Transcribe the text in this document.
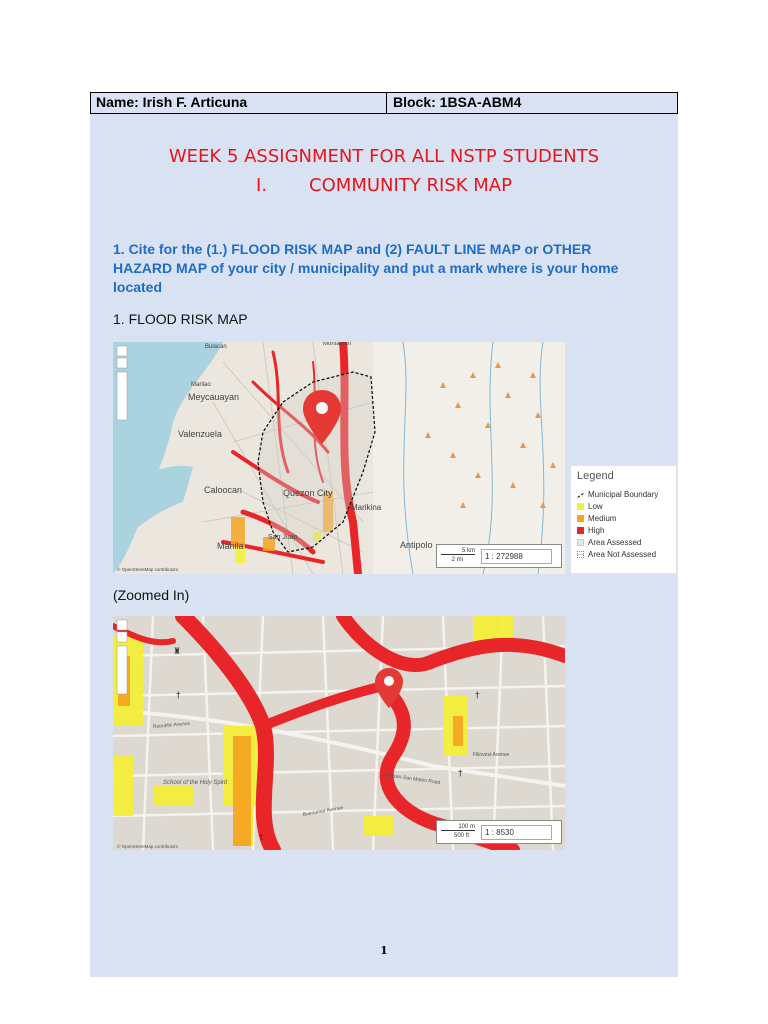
Name: Irish F. Articuna	Block: 1BSA-ABM4
WEEK 5 ASSIGNMENT FOR ALL NSTP STUDENTS
I. COMMUNITY RISK MAP
1. Cite for the (1.) FLOOD RISK MAP and (2) FAULT LINE MAP or OTHER HAZARD MAP of your city / municipality and put a mark where is your home located
1. FLOOD RISK MAP
Bulacan
Marilao
Meycauayan
Valenzuela
Caloocan	Quezon City
Manila
San Juan
Antipolo
Marikina
Montalban
© OpenStreetMap contributors
5 km
2 mi	1 : 272988
Legend
Municipal Boundary
Low
Medium
High
Area Assessed
Area Not Assessed
(Zoomed In)
Republic Avenue
Batasan-San Mateo Road
Filinvest Avenue
Buenamar Avenue
School of the Holy Spirit
© OpenStreetMap contributors
†	†
†
†
♜
100 m
500 ft	1 : 8530
1
